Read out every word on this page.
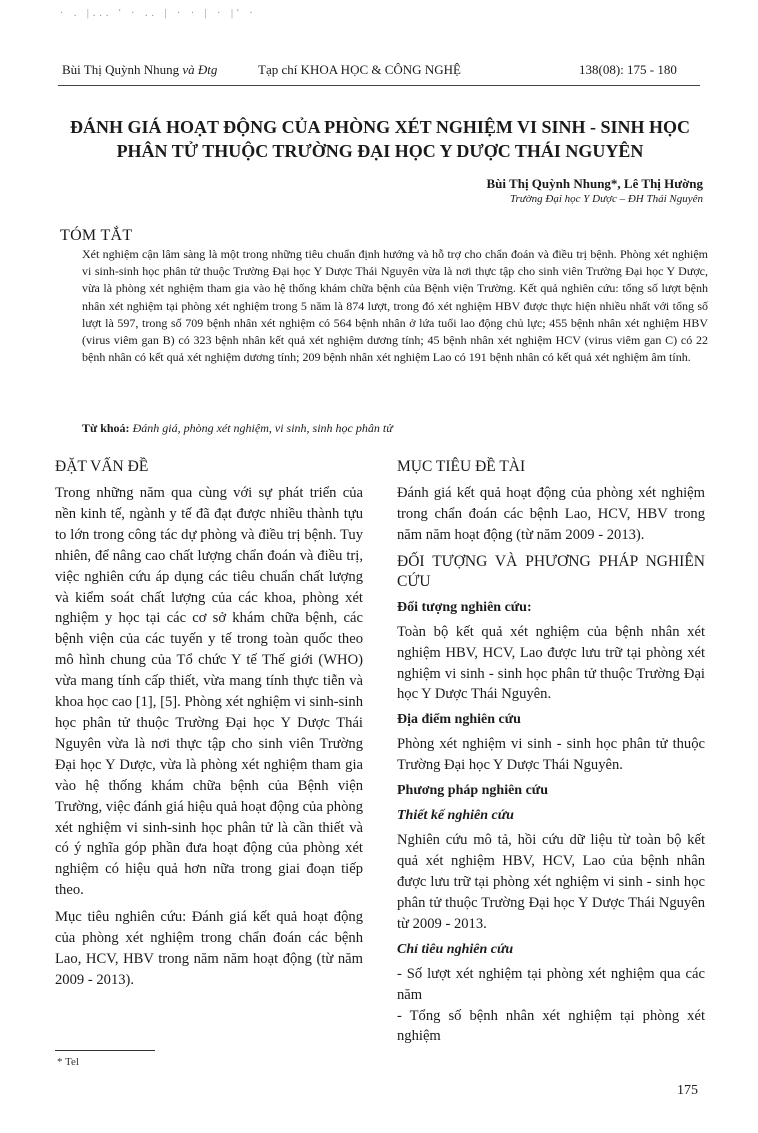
· . |... ' · .. | · · | · |' ·
Bùi Thị Quỳnh Nhung và Đtg	Tạp chí KHOA HỌC & CÔNG NGHỆ	138(08): 175 - 180
ĐÁNH GIÁ HOẠT ĐỘNG CỦA PHÒNG XÉT NGHIỆM VI SINH - SINH HỌC PHÂN TỬ THUỘC TRƯỜNG ĐẠI HỌC Y DƯỢC THÁI NGUYÊN
Bùi Thị Quỳnh Nhung*, Lê Thị Hường
Trường Đại học Y Dược – ĐH Thái Nguyên
TÓM TẮT
Xét nghiệm cận lâm sàng là một trong những tiêu chuẩn định hướng và hỗ trợ cho chẩn đoán và điều trị bệnh. Phòng xét nghiệm vi sinh-sinh học phân tử thuộc Trường Đại học Y Dược Thái Nguyên vừa là nơi thực tập cho sinh viên Trường Đại học Y Dược, vừa là phòng xét nghiệm tham gia vào hệ thống khám chữa bệnh của Bệnh viện Trường. Kết quả nghiên cứu: tổng số lượt bệnh nhân xét nghiệm tại phòng xét nghiệm trong 5 năm là 874 lượt, trong đó xét nghiệm HBV được thực hiện nhiều nhất với tổng số lượt là 597, trong số 709 bệnh nhân xét nghiệm có 564 bệnh nhân ở lứa tuổi lao động chủ lực; 455 bệnh nhân xét nghiệm HBV (virus viêm gan B) có 323 bệnh nhân kết quả xét nghiệm dương tính; 45 bệnh nhân xét nghiệm HCV (virus viêm gan C) có 22 bệnh nhân có kết quả xét nghiệm dương tính; 209 bệnh nhân xét nghiệm Lao có 191 bệnh nhân có kết quả xét nghiệm âm tính.
Từ khoá: Đánh giá, phòng xét nghiệm, vi sinh, sinh học phân tử
ĐẶT VẤN ĐỀ

Trong những năm qua cùng với sự phát triển của nền kinh tế, ngành y tế đã đạt được nhiều thành tựu to lớn trong công tác dự phòng và điều trị bệnh. Tuy nhiên, để nâng cao chất lượng chẩn đoán và điều trị, việc nghiên cứu áp dụng các tiêu chuẩn chất lượng và kiểm soát chất lượng của các khoa, phòng xét nghiệm y học tại các cơ sở khám chữa bệnh, các bệnh viện của các tuyến y tế trong toàn quốc theo mô hình chung của Tổ chức Y tế Thế giới (WHO) vừa mang tính cấp thiết, vừa mang tính thực tiễn và khoa học cao [1], [5]. Phòng xét nghiệm vi sinh-sinh học phân tử thuộc Trường Đại học Y Dược Thái Nguyên vừa là nơi thực tập cho sinh viên Trường Đại học Y Dược, vừa là phòng xét nghiệm tham gia vào hệ thống khám chữa bệnh của Bệnh viện Trường, việc đánh giá hiệu quả hoạt động của phòng xét nghiệm vi sinh-sinh học phân tử là cần thiết và có ý nghĩa góp phần đưa hoạt động của phòng xét nghiệm có hiệu quả hơn nữa trong giai đoạn tiếp theo.

Mục tiêu nghiên cứu: Đánh giá kết quả hoạt động của phòng xét nghiệm trong chẩn đoán các bệnh Lao, HCV, HBV trong năm năm hoạt động (từ năm 2009 - 2013).

MỤC TIÊU ĐỀ TÀI

Đánh giá kết quả hoạt động của phòng xét nghiệm trong chẩn đoán các bệnh Lao, HCV, HBV trong năm năm hoạt động (từ năm 2009 - 2013).

ĐỐI TƯỢNG VÀ PHƯƠNG PHÁP NGHIÊN CỨU
Đối tượng nghiên cứu:

Toàn bộ kết quả xét nghiệm của bệnh nhân xét nghiệm HBV, HCV, Lao được lưu trữ tại phòng xét nghiệm vi sinh - sinh học phân tử thuộc Trường Đại học Y Dược Thái Nguyên.

Địa điểm nghiên cứu

Phòng xét nghiệm vi sinh - sinh học phân tử thuộc Trường Đại học Y Dược Thái Nguyên.

Phương pháp nghiên cứu
Thiết kế nghiên cứu

Nghiên cứu mô tả, hồi cứu dữ liệu từ toàn bộ kết quả xét nghiệm HBV, HCV, Lao của bệnh nhân được lưu trữ tại phòng xét nghiệm vi sinh - sinh học phân tử thuộc Trường Đại học Y Dược Thái Nguyên từ 2009 - 2013.

Chỉ tiêu nghiên cứu

- Số lượt xét nghiệm tại phòng xét nghiệm qua các năm

- Tổng số bệnh nhân xét nghiệm tại phòng xét nghiệm

* Tel
175
